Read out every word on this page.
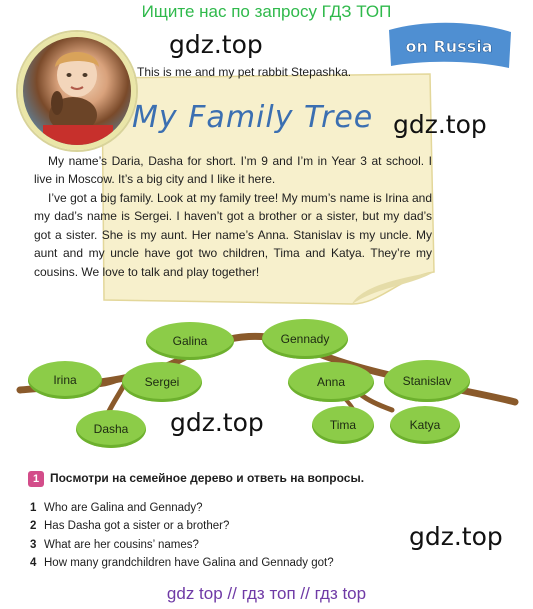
Ищите нас по запросу ГДЗ ТОП
on Russia
This is me and my pet rabbit Stepashka.
gdz.top
My Family Tree gdz.top
My name’s Daria, Dasha for short. I’m 9 and I’m in Year 3 at school. I live in Moscow. It’s a big city and I like it here.
I’ve got a big family. Look at my family tree! My mum’s name is Irina and my dad’s name is Sergei. I haven’t got a brother or a sister, but my dad’s got a sister. She is my aunt. Her name’s Anna. Stanislav is my uncle. My aunt and my uncle have got two children, Tima and Katya. They’re my cousins. We love to talk and play together!
Galina	Gennady
Irina	Sergei	Anna	Stanislav
Dasha	Tima	Katya
gdz.top
1 Посмотри на семейное дерево и ответь на вопросы.
1 Who are Galina and Gennady?
2 Has Dasha got a sister or a brother?
3 What are her cousins’ names?
4 How many grandchildren have Galina and Gennady got?
gdz.top
gdz top // гдз топ // гдз top
